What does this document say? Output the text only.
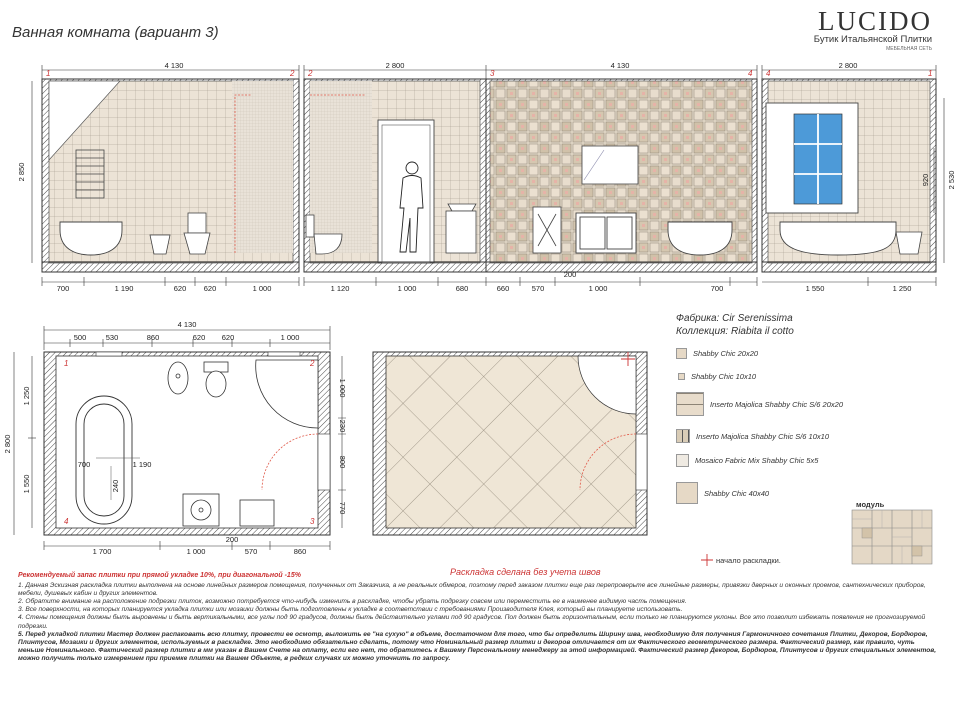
Ванная комната (вариант 3)	LUCIDO
Бутик Итальянской Плитки
МЕБЕЛЬНАЯ СЕТЬ
4 130	2 800	4 130	2 800
2 850	2 530
920
700	1 190	620 620	1 000	1 120	1 000	680	660	570	1 000	700
200
1 550	1 250
1	2 2	3	4 4	1
4 130
500	530	860	620 620	1 000
2 800
1 250
1 550
1 000
230
800
770
1 700	1 000	570	860
200
700	1 190
240
1	2
3
4
Раскладка сделана без учета швов
Фабрика: Cir Serenissima
Коллекция: Riabita il cotto
Shabby Chic 20x20
Shabby Chic 10x10
Inserto Majolica Shabby Chic S/6 20x20
Inserto Majolica Shabby Chic S/6 10x10
Mosaico Fabric Mix Shabby Chic 5x5
Shabby Chic 40x40
модуль
начало раскладки.
Рекомендуемый запас плитки при прямой укладке 10%, при диагональной -15%

1. Данная Эскизная раскладка плитки выполнена на основе линейных размеров помещения, полученных от Заказчика, а не реальных обмеров, поэтому перед заказом плитки еще раз перепроверьте все линейные размеры, привязки дверных и оконных проемов, сантехнических приборов, мебели, душевых кабин и других элементов.

2. Обратите внимание на расположение подрезки плиток, возможно потребуется что-нибудь изменить в раскладке, чтобы убрать подрезку совсем или переместить ее в наименее видимую часть помещения.

3. Все поверхности, на которых планируется укладка плитки или мозаики должны быть подготовлены к укладке в соответствии с требованиями Производителя Клея, который вы планируете использовать.

4. Стены помещения должны быть выровнены и быть вертикальными, все углы под 90 градусов, должны быть действительно углами под 90 градусов. Пол должен быть горизонтальным, если только не планируются уклоны. Все это позволит избежать появления не прогнозируемой подрезки.

5. Перед укладкой плитки Мастер должен распаковать всю плитку, провести ее осмотр, выложить ее "на сухую" в объеме, достаточном для того, что бы определить Ширину шва, необходимую для получения Гармоничного сочетания Плитки, Декоров, Бордюров, Плинтусов, Мозаики и других элементов, используемых в раскладке. Это необходимо обязательно сделать, потому что Номинальный размер плитки и декоров отличается от их Фактического геометрического размера. Фактический размер, как правило, чуть меньше Номинального. Фактический размер плитки в мм указан в Вашем Счете на оплату, если его нет, то обратитесь к Вашему Персональному менеджеру за этой информацией. Фактический размер Декоров, Бордюров, Плинтусов и других специальных элементов, можно получить только измерением при приемке плитки на Вашем Объекте, в редких случаях их можно уточнить по запросу.
